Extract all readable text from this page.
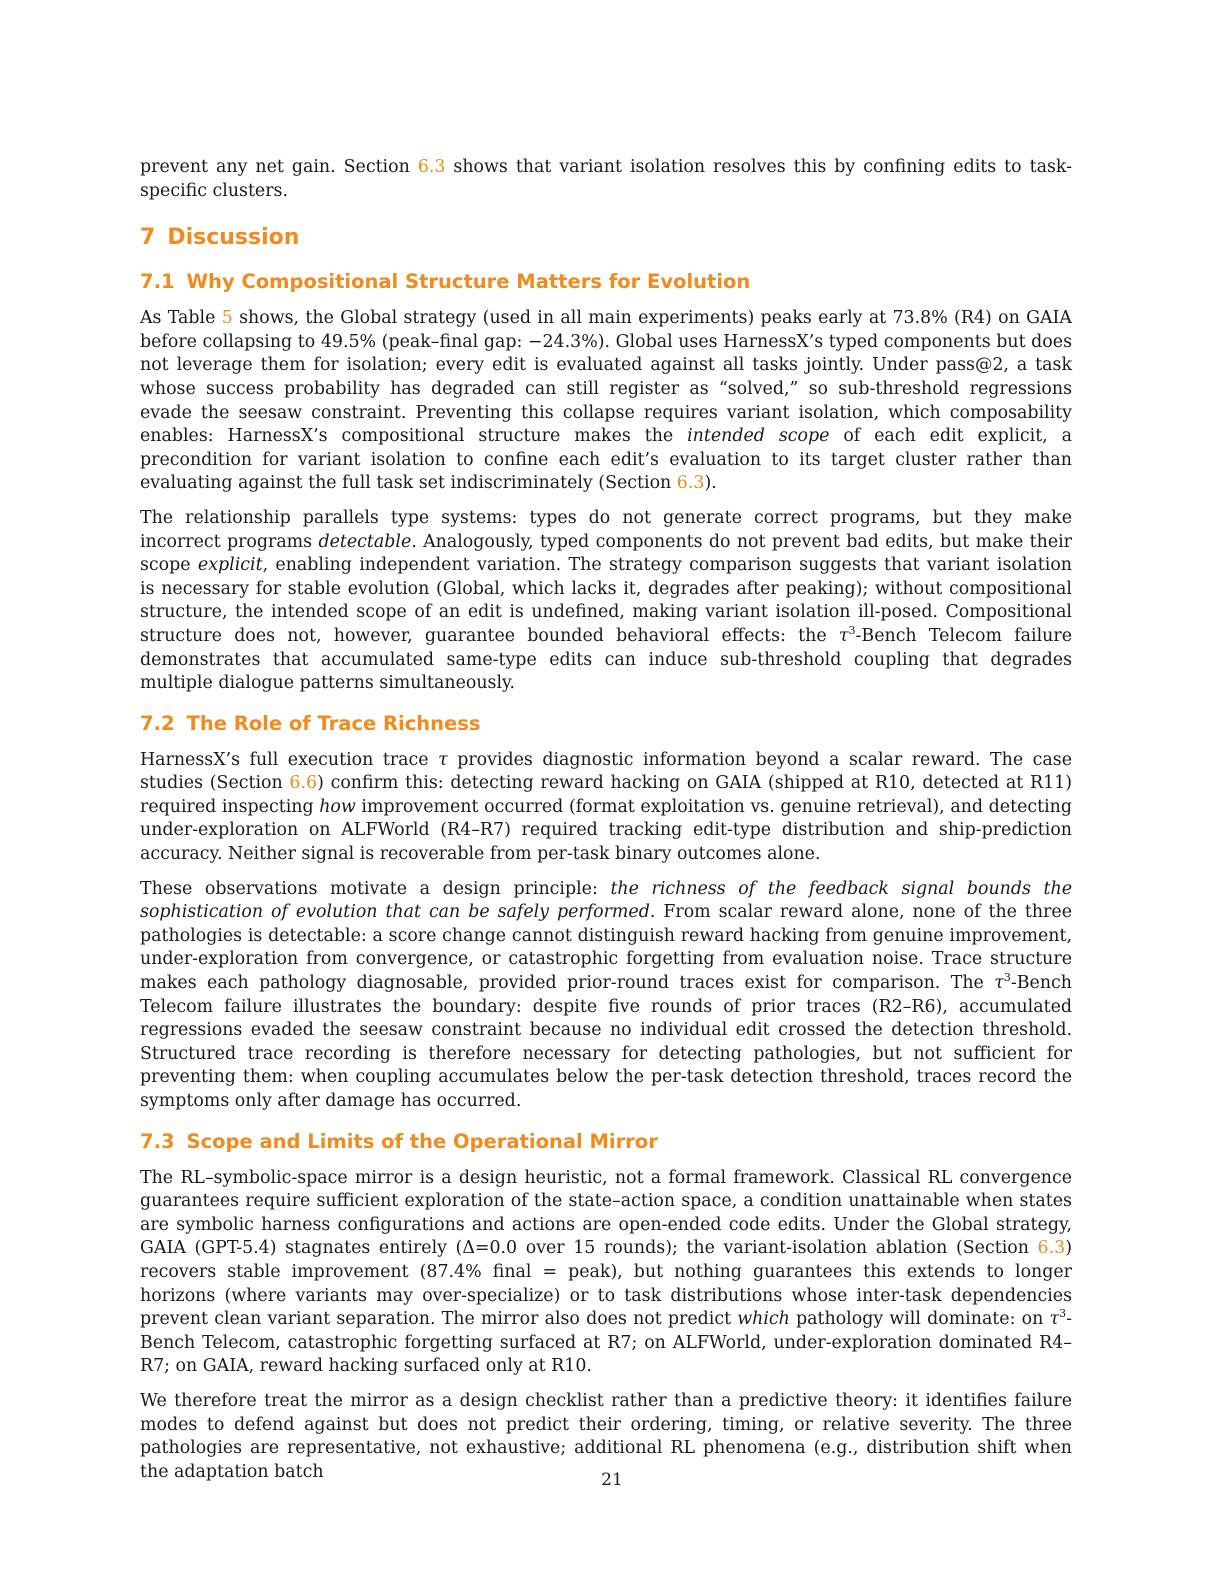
prevent any net gain. Section 6.3 shows that variant isolation resolves this by confining edits to task-specific clusters.

7 Discussion
7.1 Why Compositional Structure Matters for Evolution

As Table 5 shows, the Global strategy (used in all main experiments) peaks early at 73.8% (R4) on GAIA before collapsing to 49.5% (peak–final gap: −24.3%). Global uses HarnessX’s typed components but does not leverage them for isolation; every edit is evaluated against all tasks jointly. Under pass@2, a task whose success probability has degraded can still register as “solved,” so sub-threshold regressions evade the seesaw constraint. Preventing this collapse requires variant isolation, which composability enables: HarnessX’s compositional structure makes the intended scope of each edit explicit, a precondition for variant isolation to confine each edit’s evaluation to its target cluster rather than evaluating against the full task set indiscriminately (Section 6.3).

The relationship parallels type systems: types do not generate correct programs, but they make incorrect programs detectable. Analogously, typed components do not prevent bad edits, but make their scope explicit, enabling independent variation. The strategy comparison suggests that variant isolation is necessary for stable evolution (Global, which lacks it, degrades after peaking); without compositional structure, the intended scope of an edit is undefined, making variant isolation ill-posed. Compositional structure does not, however, guarantee bounded behavioral effects: the $\tau^3$-Bench Telecom failure demonstrates that accumulated same-type edits can induce sub-threshold coupling that degrades multiple dialogue patterns simultaneously.

7.2 The Role of Trace Richness

HarnessX’s full execution trace τ provides diagnostic information beyond a scalar reward. The case studies (Section 6.6) confirm this: detecting reward hacking on GAIA (shipped at R10, detected at R11) required inspecting how improvement occurred (format exploitation vs. genuine retrieval), and detecting under-exploration on ALFWorld (R4–R7) required tracking edit-type distribution and ship-prediction accuracy. Neither signal is recoverable from per-task binary outcomes alone.

These observations motivate a design principle: the richness of the feedback signal bounds the sophistication of evolution that can be safely performed. From scalar reward alone, none of the three pathologies is detectable: a score change cannot distinguish reward hacking from genuine improvement, under-exploration from convergence, or catastrophic forgetting from evaluation noise. Trace structure makes each pathology diagnosable, provided prior-round traces exist for comparison. The $\tau^3$-Bench Telecom failure illustrates the boundary: despite five rounds of prior traces (R2–R6), accumulated regressions evaded the seesaw constraint because no individual edit crossed the detection threshold. Structured trace recording is therefore necessary for detecting pathologies, but not sufficient for preventing them: when coupling accumulates below the per-task detection threshold, traces record the symptoms only after damage has occurred.

7.3 Scope and Limits of the Operational Mirror

The RL–symbolic-space mirror is a design heuristic, not a formal framework. Classical RL convergence guarantees require sufficient exploration of the state–action space, a condition unattainable when states are symbolic harness configurations and actions are open-ended code edits. Under the Global strategy, GAIA (GPT-5.4) stagnates entirely (Δ=0.0 over 15 rounds); the variant-isolation ablation (Section 6.3) recovers stable improvement (87.4% final = peak), but nothing guarantees this extends to longer horizons (where variants may over-specialize) or to task distributions whose inter-task dependencies prevent clean variant separation. The mirror also does not predict which pathology will dominate: on $\tau^3$-Bench Telecom, catastrophic forgetting surfaced at R7; on ALFWorld, under-exploration dominated R4–R7; on GAIA, reward hacking surfaced only at R10.

We therefore treat the mirror as a design checklist rather than a predictive theory: it identifies failure modes to defend against but does not predict their ordering, timing, or relative severity. The three pathologies are representative, not exhaustive; additional RL phenomena (e.g., distribution shift when the adaptation batch	21
